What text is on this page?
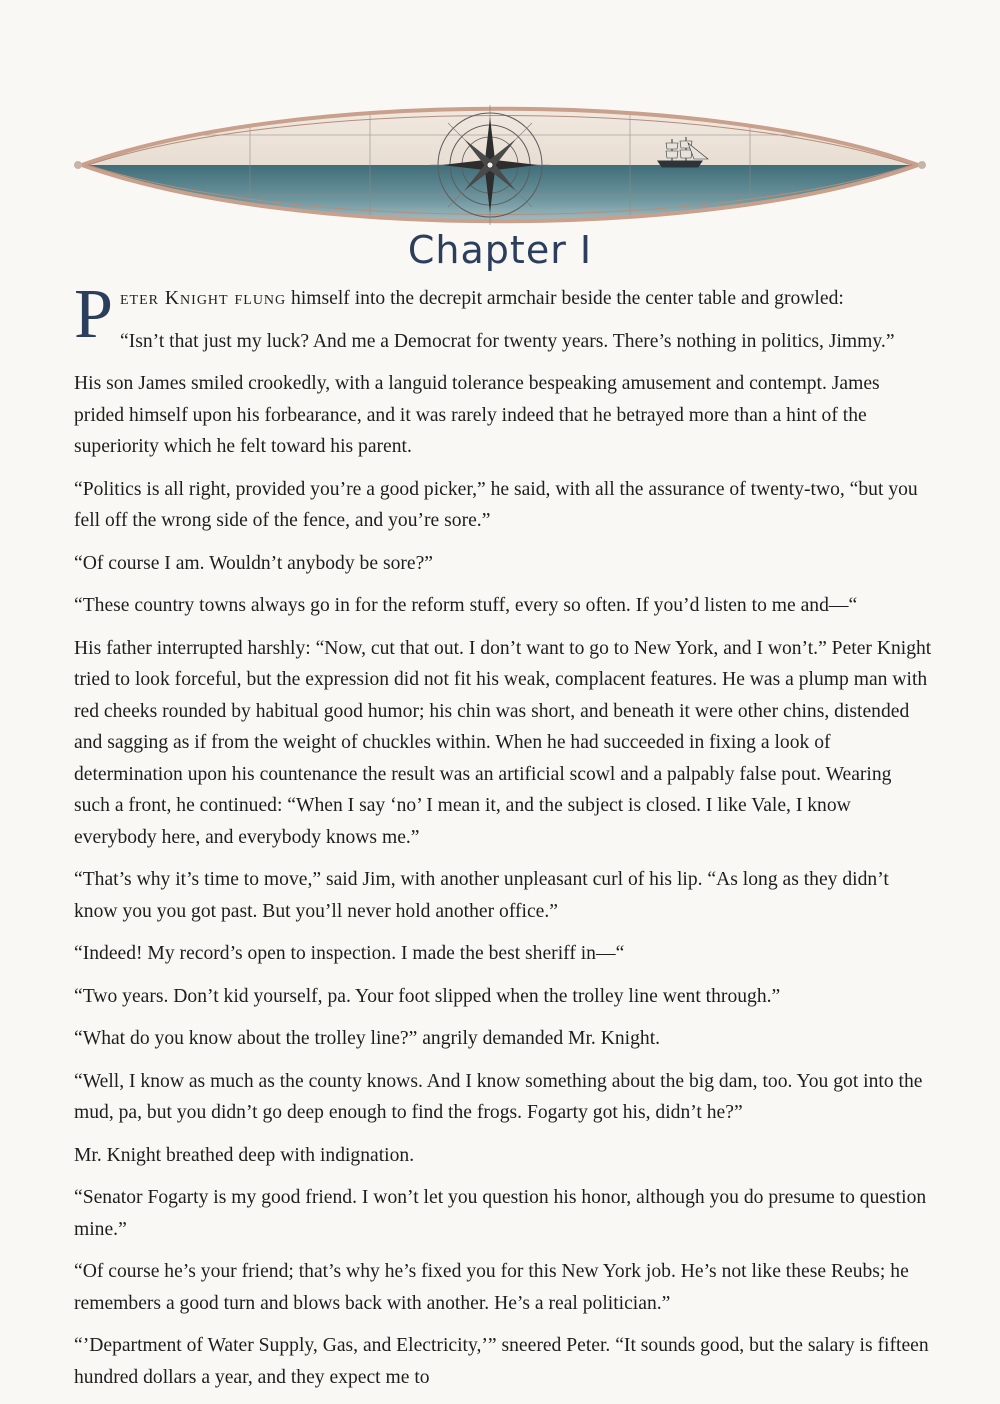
Chapter I

P eter Knight flung himself into the decrepit armchair beside the center table and growled:

“Isn’t that just my luck? And me a Democrat for twenty years. There’s nothing in politics, Jimmy.”

His son James smiled crookedly, with a languid tolerance bespeaking amusement and contempt. James prided himself upon his forbearance, and it was rarely indeed that he betrayed more than a hint of the superiority which he felt toward his parent.

“Politics is all right, provided you’re a good picker,” he said, with all the assurance of twenty-two, “but you fell off the wrong side of the fence, and you’re sore.”

“Of course I am. Wouldn’t anybody be sore?”

“These country towns always go in for the reform stuff, every so often. If you’d listen to me and—“

His father interrupted harshly: “Now, cut that out. I don’t want to go to New York, and I won’t.” Peter Knight tried to look forceful, but the expression did not fit his weak, complacent features. He was a plump man with red cheeks rounded by habitual good humor; his chin was short, and beneath it were other chins, distended and sagging as if from the weight of chuckles within. When he had succeeded in fixing a look of determination upon his countenance the result was an artificial scowl and a palpably false pout. Wearing such a front, he continued: “When I say ‘no’ I mean it, and the subject is closed. I like Vale, I know everybody here, and everybody knows me.”

“That’s why it’s time to move,” said Jim, with another unpleasant curl of his lip. “As long as they didn’t know you you got past. But you’ll never hold another office.”

“Indeed! My record’s open to inspection. I made the best sheriff in—“

“Two years. Don’t kid yourself, pa. Your foot slipped when the trolley line went through.”

“What do you know about the trolley line?” angrily demanded Mr. Knight.

“Well, I know as much as the county knows. And I know something about the big dam, too. You got into the mud, pa, but you didn’t go deep enough to find the frogs. Fogarty got his, didn’t he?”

Mr. Knight breathed deep with indignation.

“Senator Fogarty is my good friend. I won’t let you question his honor, although you do presume to question mine.”

“Of course he’s your friend; that’s why he’s fixed you for this New York job. He’s not like these Reubs; he remembers a good turn and blows back with another. He’s a real politician.”

“’Department of Water Supply, Gas, and Electricity,’” sneered Peter. “It sounds good, but the salary is fifteen hundred dollars a year, and they expect me to
